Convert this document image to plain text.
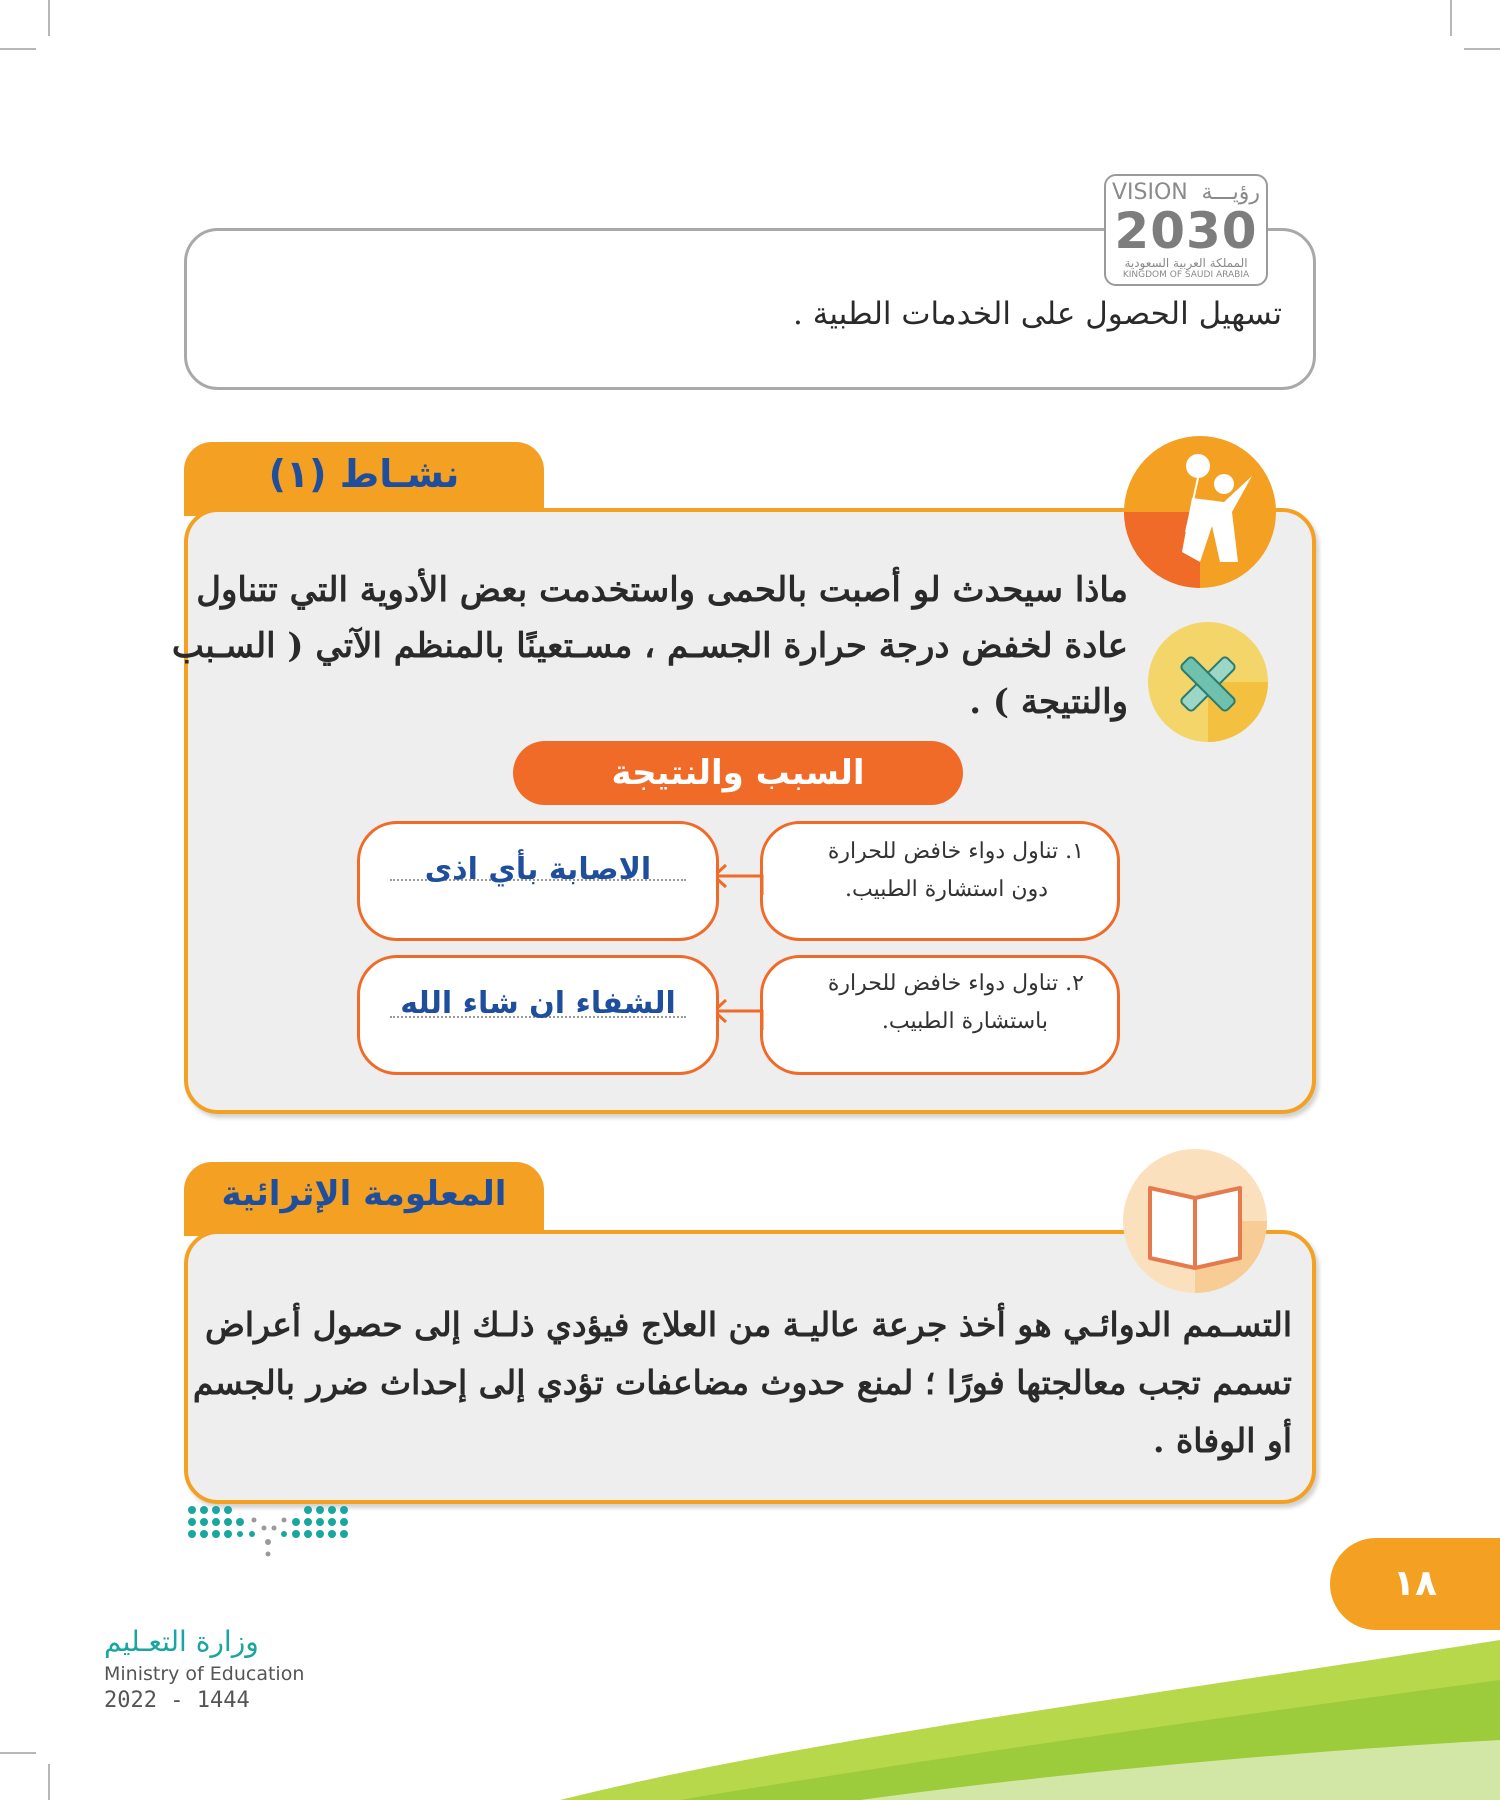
تسهيل الحصول على الخدمات الطبية .
VISION رؤيـــة
2030
المملكة العربية السعودية
KINGDOM OF SAUDI ARABIA
نشـاط (١)
ماذا سيحدث لو أصبت بالحمى واستخدمت بعض الأدوية التي تتناول عادة لخفض درجة حرارة الجسـم ، مسـتعينًا بالمنظم الآتي ( السـبب والنتيجة ) .
السبب والنتيجة
١. تناول دواء خافض للحرارة
دون استشارة الطبيب.
الاصابة بأي اذى
٢. تناول دواء خافض للحرارة
باستشارة الطبيب.
الشفاء ان شاء الله
المعلومة الإثرائية
التسـمم الدوائـي هو أخذ جرعة عاليـة من العلاج فيؤدي ذلـك إلى حصول أعراض تسمم تجب معالجتها فورًا ؛ لمنع حدوث مضاعفات تؤدي إلى إحداث ضرر بالجسم أو الوفاة .
١٨
وزارة التعـليم
Ministry of Education
2022 - 1444
